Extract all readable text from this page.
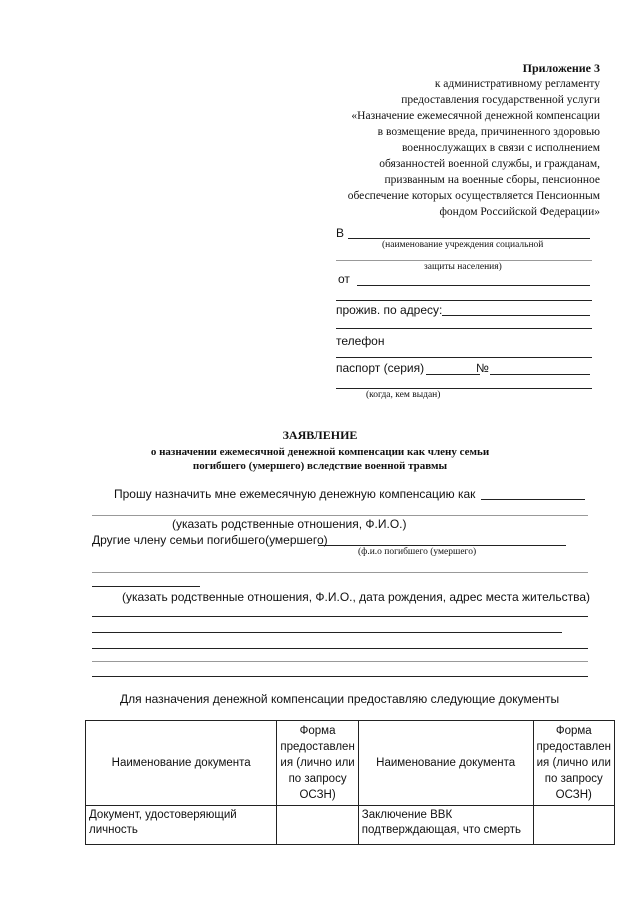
Приложение 3
к административному регламенту
предоставления государственной услуги
«Назначение ежемесячной денежной компенсации
в возмещение вреда, причиненного здоровью
военнослужащих в связи с исполнением
обязанностей военной службы, и гражданам,
призванным на военные сборы, пенсионное
обеспечение которых осуществляется Пенсионным
фондом Российской Федерации»
В
(наименование учреждения социальной
защиты населения)
от
прожив. по адресу:
телефон
паспорт (серия)	№
(когда, кем выдан)
ЗАЯВЛЕНИЕ
о назначении ежемесячной денежной компенсации как члену семьи
погибшего (умершего) вследствие военной травмы
Прошу назначить мне ежемесячную денежную компенсацию как
(указать родственные отношения, Ф.И.О.)
Другие члену семьи погибшего(умершего)
(ф.и.о погибшего (умершего)
(указать родственные отношения, Ф.И.О., дата рождения, адрес места жительства)
Для назначения денежной компенсации предоставляю следующие документы
Наименование документа	Форма предоставлен ия (лично или по запросу ОСЗН)	Наименование документа	Форма предоставлен ия (лично или по запросу ОСЗН)
Документ, удостоверяющий личность		Заключение ВВК подтверждающая, что смерть	
